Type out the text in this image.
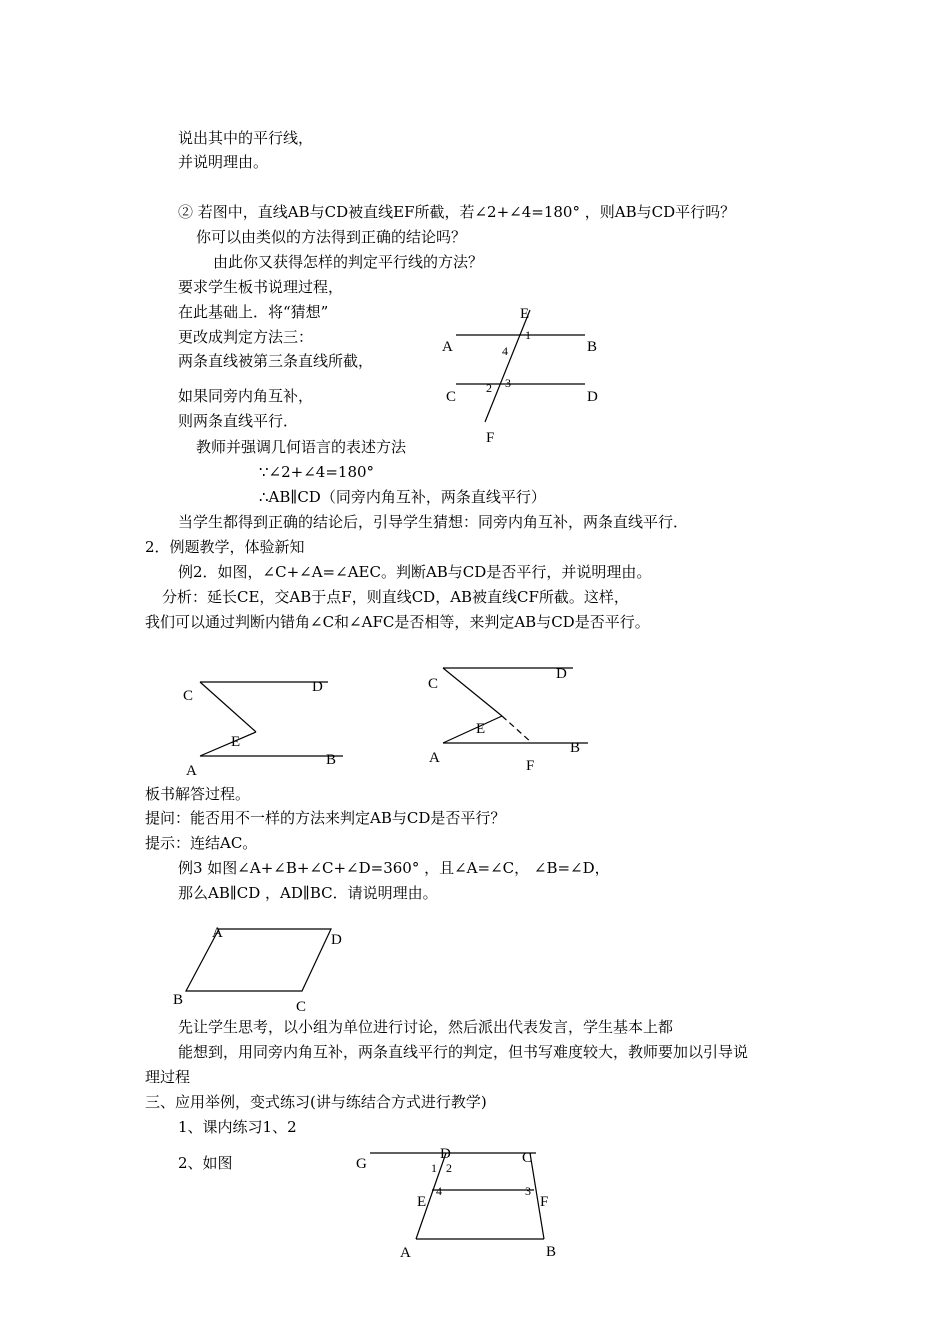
说出其中的平行线，
并说明理由。
② 若图中，直线AB与CD被直线EF所截，若∠2+∠4=180° ，则AB与CD平行吗？
你可以由类似的方法得到正确的结论吗？
由此你又获得怎样的判定平行线的方法？
要求学生板书说理过程，
在此基础上．将“猜想”
更改成判定方法三：
两条直线被第三条直线所截，
如果同旁内角互补，
则两条直线平行．
教师并强调几何语言的表述方法
∵∠2+∠4=180°
∴AB∥CD（同旁内角互补，两条直线平行）
当学生都得到正确的结论后，引导学生猜想：同旁内角互补，两条直线平行．
2．例题教学，体验新知
例2．如图，∠C+∠A=∠AEC。判断AB与CD是否平行，并说明理由。
分析：延长CE，交AB于点F，则直线CD，AB被直线CF所截。这样，
我们可以通过判断内错角∠C和∠AFC是否相等，来判定AB与CD是否平行。
板书解答过程。
提问：能否用不一样的方法来判定AB与CD是否平行？
提示：连结AC。
例3 如图∠A+∠B+∠C+∠D=360° ，且∠A=∠C， ∠B=∠D，
那么AB∥CD ，AD∥BC．请说明理由。
先让学生思考，以小组为单位进行讨论，然后派出代表发言，学生基本上都
能想到，用同旁内角互补，两条直线平行的判定，但书写难度较大，教师要加以引导说
理过程
三、应用举例，变式练习(讲与练结合方式进行教学)
1、课内练习1、2
2、如图
E
A	B
C	D
F
1
4
2 3
C
D
E
A
B
C
D
E
A	F
B
A	D
B	C
G
D	C
1 2
E
4	3
F
A	B
